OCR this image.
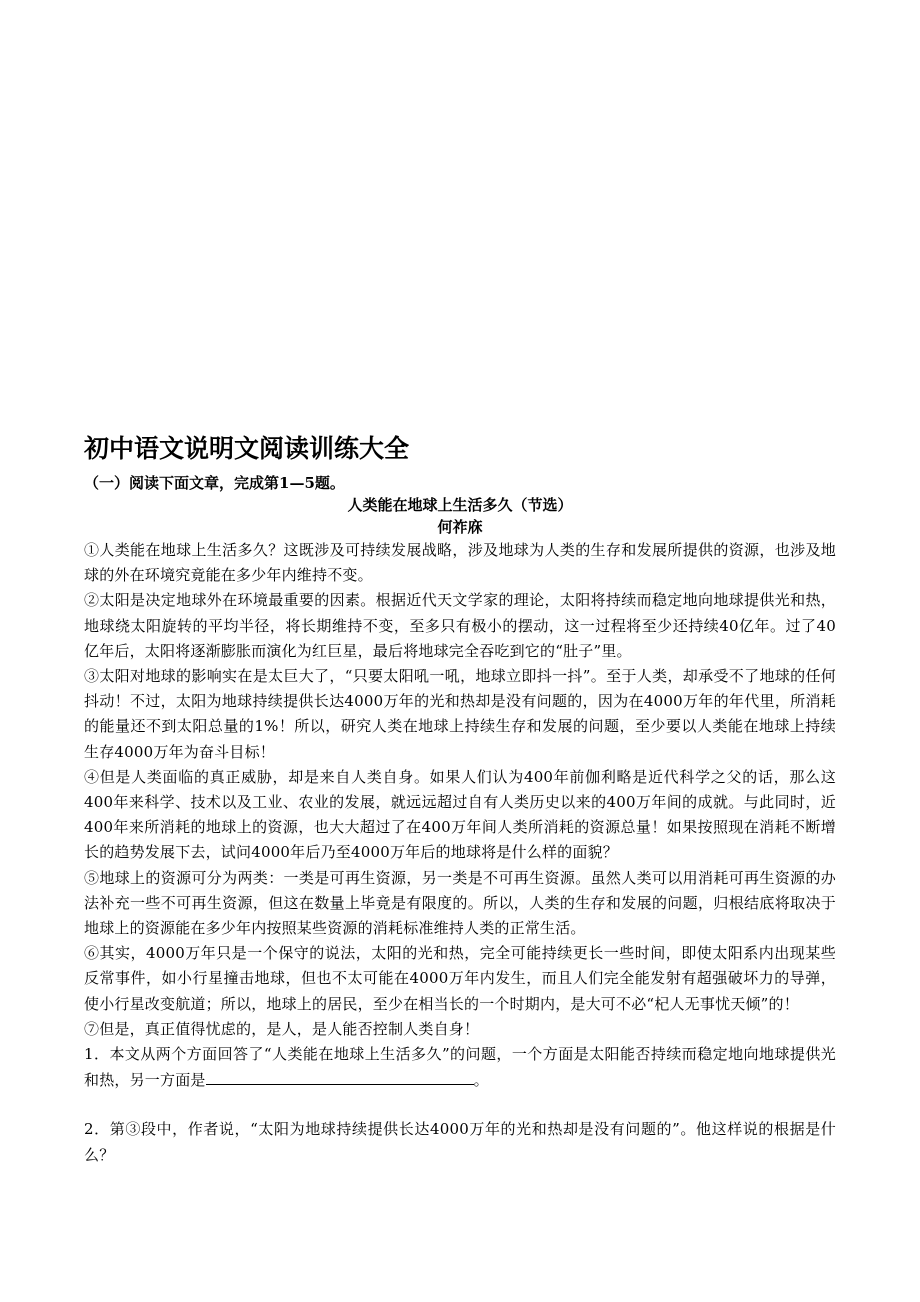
初中语文说明文阅读训练大全

（一）阅读下面文章，完成第1—5题。

人类能在地球上生活多久（节选）

何祚庥

①人类能在地球上生活多久？这既涉及可持续发展战略，涉及地球为人类的生存和发展所提供的资源，也涉及地球的外在环境究竟能在多少年内维持不变。

②太阳是决定地球外在环境最重要的因素。根据近代天文学家的理论，太阳将持续而稳定地向地球提供光和热，地球绕太阳旋转的平均半径，将长期维持不变，至多只有极小的摆动，这一过程将至少还持续40亿年。过了40亿年后，太阳将逐渐膨胀而演化为红巨星，最后将地球完全吞吃到它的“肚子”里。

③太阳对地球的影响实在是太巨大了，“只要太阳吼一吼，地球立即抖一抖”。至于人类，却承受不了地球的任何抖动！不过，太阳为地球持续提供长达4000万年的光和热却是没有问题的，因为在4000万年的年代里，所消耗的能量还不到太阳总量的1%！所以，研究人类在地球上持续生存和发展的问题，至少要以人类能在地球上持续生存4000万年为奋斗目标！

④但是人类面临的真正威胁，却是来自人类自身。如果人们认为400年前伽利略是近代科学之父的话，那么这400年来科学、技术以及工业、农业的发展，就远远超过自有人类历史以来的400万年间的成就。与此同时，近400年来所消耗的地球上的资源，也大大超过了在400万年间人类所消耗的资源总量！如果按照现在消耗不断增长的趋势发展下去，试问4000年后乃至4000万年后的地球将是什么样的面貌？

⑤地球上的资源可分为两类：一类是可再生资源，另一类是不可再生资源。虽然人类可以用消耗可再生资源的办法补充一些不可再生资源，但这在数量上毕竟是有限度的。所以，人类的生存和发展的问题，归根结底将取决于地球上的资源能在多少年内按照某些资源的消耗标准维持人类的正常生活。

⑥其实，4000万年只是一个保守的说法，太阳的光和热，完全可能持续更长一些时间，即使太阳系内出现某些反常事件，如小行星撞击地球，但也不太可能在4000万年内发生，而且人们完全能发射有超强破坏力的导弹，使小行星改变航道；所以，地球上的居民，至少在相当长的一个时期内，是大可不必“杞人无事忧天倾”的！

⑦但是，真正值得忧虑的，是人，是人能否控制人类自身！

1．本文从两个方面回答了“人类能在地球上生活多久”的问题，一个方面是太阳能否持续而稳定地向地球提供光和热，另一方面是	。

2．第③段中，作者说，“太阳为地球持续提供长达4000万年的光和热却是没有问题的”。他这样说的根据是什么？
